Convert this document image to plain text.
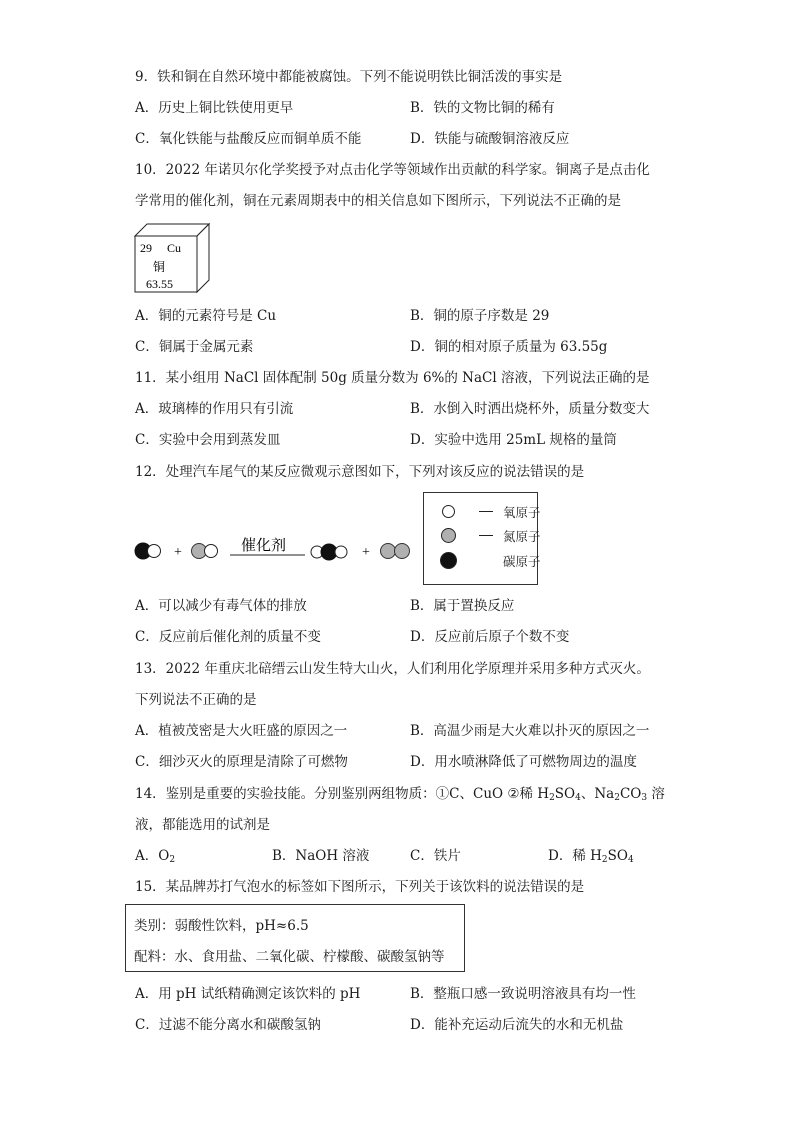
9．铁和铜在自然环境中都能被腐蚀。下列不能说明铁比铜活泼的事实是
A．历史上铜比铁使用更早	B．铁的文物比铜的稀有
C．氧化铁能与盐酸反应而铜单质不能	D．铁能与硫酸铜溶液反应
10．2022 年诺贝尔化学奖授予对点击化学等领域作出贡献的科学家。铜离子是点击化
学常用的催化剂，铜在元素周期表中的相关信息如下图所示，下列说法不正确的是
29 Cu
铜
63.55
A．铜的元素符号是 Cu	B．铜的原子序数是 29
C．铜属于金属元素	D．铜的相对原子质量为 63.55g
11．某小组用 NaCl 固体配制 50g 质量分数为 6%的 NaCl 溶液，下列说法正确的是
A．玻璃棒的作用只有引流	B．水倒入时洒出烧杯外，质量分数变大
C．实验中会用到蒸发皿	D．实验中选用 25mL 规格的量筒
12．处理汽车尾气的某反应微观示意图如下，下列对该反应的说法错误的是
+	催化剂	+
氧原子
氮原子
碳原子
A．可以减少有毒气体的排放	B．属于置换反应
C．反应前后催化剂的质量不变	D．反应前后原子个数不变
13．2022 年重庆北碚缙云山发生特大山火，人们利用化学原理并采用多种方式灭火。
下列说法不正确的是
A．植被茂密是大火旺盛的原因之一	B．高温少雨是大火难以扑灭的原因之一
C．细沙灭火的原理是清除了可燃物	D．用水喷淋降低了可燃物周边的温度
14．鉴别是重要的实验技能。分别鉴别两组物质：①C、CuO ②稀 $H_2SO_4$、$Na_2CO_3$ 溶
液，都能选用的试剂是
A．$O_2$	B．NaOH 溶液	C．铁片	D．稀 $H_2SO_4$
15．某品牌苏打气泡水的标签如下图所示，下列关于该饮料的说法错误的是
类别：弱酸性饮料，pH≈6.5
配料：水、食用盐、二氧化碳、柠檬酸、碳酸氢钠等
A．用 pH 试纸精确测定该饮料的 pH	B．整瓶口感一致说明溶液具有均一性
C．过滤不能分离水和碳酸氢钠	D．能补充运动后流失的水和无机盐
